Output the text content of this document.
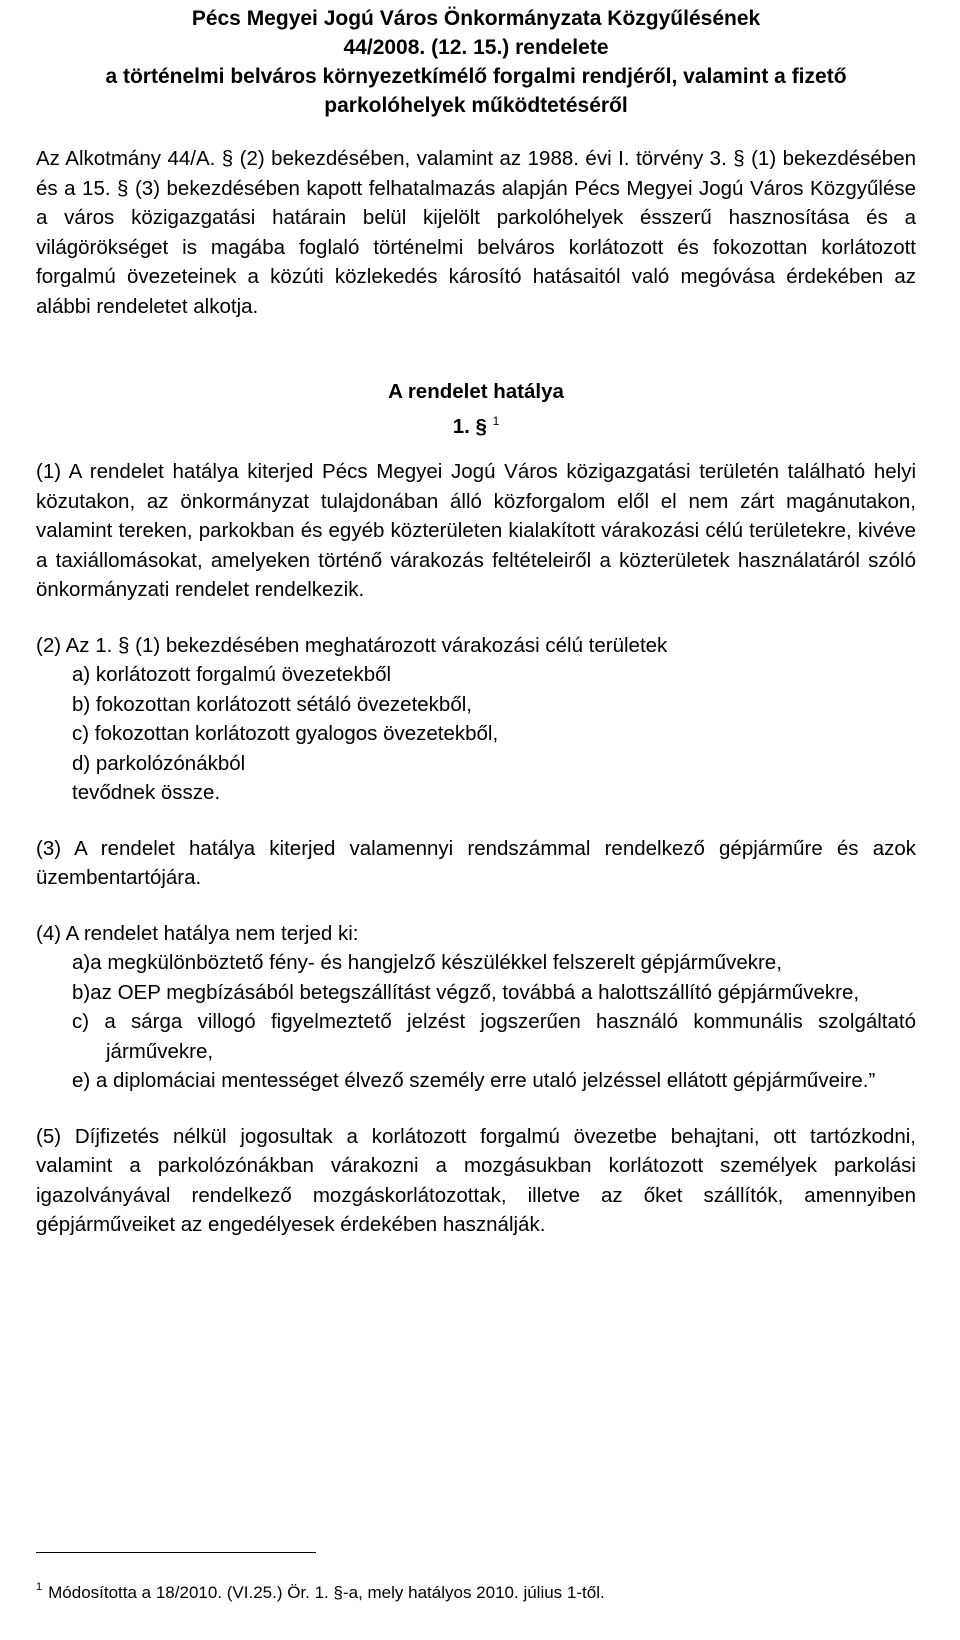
Pécs Megyei Jogú Város Önkormányzata Közgyűlésének
44/2008. (12. 15.) rendelete
a történelmi belváros környezetkímélő forgalmi rendjéről, valamint a fizető
parkolóhelyek működtetéséről
Az Alkotmány 44/A. § (2) bekezdésében, valamint az 1988. évi I. törvény 3. § (1) bekezdésében és a 15. § (3) bekezdésében kapott felhatalmazás alapján Pécs Megyei Jogú Város Közgyűlése a város közigazgatási határain belül kijelölt parkolóhelyek ésszerű hasznosítása és a világörökséget is magába foglaló történelmi belváros korlátozott és fokozottan korlátozott forgalmú övezeteinek a közúti közlekedés károsító hatásaitól való megóvása érdekében az alábbi rendeletet alkotja.
A rendelet hatálya
1. § $^1$
(1) A rendelet hatálya kiterjed Pécs Megyei Jogú Város közigazgatási területén található helyi közutakon, az önkormányzat tulajdonában álló közforgalom elől el nem zárt magánutakon, valamint tereken, parkokban és egyéb közterületen kialakított várakozási célú területekre, kivéve a taxiállomásokat, amelyeken történő várakozás feltételeiről a közterületek használatáról szóló önkormányzati rendelet rendelkezik.
(2) Az 1. § (1) bekezdésében meghatározott várakozási célú területek
a) korlátozott forgalmú övezetekből
b) fokozottan korlátozott sétáló övezetekből,
c) fokozottan korlátozott gyalogos övezetekből,
d) parkolózónákból
tevődnek össze.
(3) A rendelet hatálya kiterjed valamennyi rendszámmal rendelkező gépjárműre és azok üzembentartójára.
(4) A rendelet hatálya nem terjed ki:
a)a megkülönböztető fény- és hangjelző készülékkel felszerelt gépjárművekre,
b)az OEP megbízásából betegszállítást végző, továbbá a halottszállító gépjárművekre,
c) a sárga villogó figyelmeztető jelzést jogszerűen használó kommunális szolgáltató járművekre,
e) a diplomáciai mentességet élvező személy erre utaló jelzéssel ellátott gépjárműveire.”
(5) Díjfizetés nélkül jogosultak a korlátozott forgalmú övezetbe behajtani, ott tartózkodni, valamint a parkolózónákban várakozni a mozgásukban korlátozott személyek parkolási igazolványával rendelkező mozgáskorlátozottak, illetve az őket szállítók, amennyiben gépjárműveiket az engedélyesek érdekében használják.
$^1$ Módosította a 18/2010. (VI.25.) Ör. 1. §-a, mely hatályos 2010. július 1-től.
